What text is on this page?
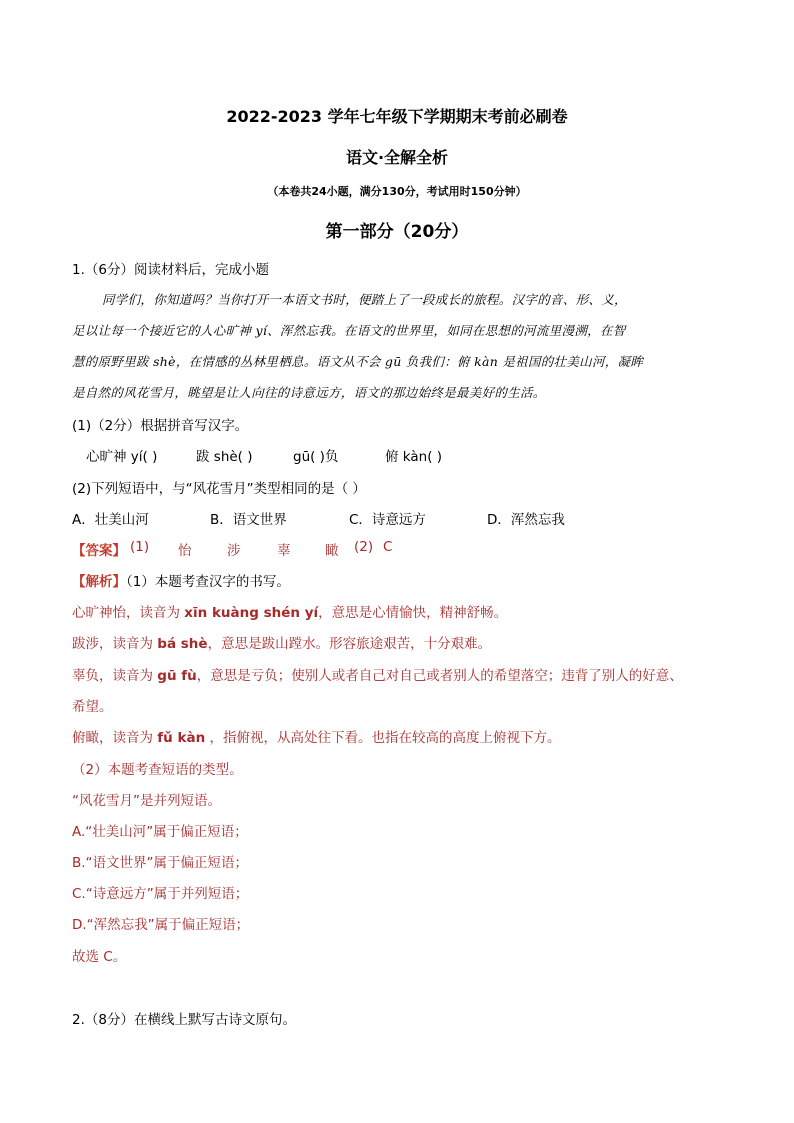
2022-2023 学年七年级下学期期末考前必刷卷
语文·全解全析
（本卷共24小题，满分130分，考试用时150分钟）
第一部分（20分）
1.（6分）阅读材料后，完成小题
同学们，你知道吗？当你打开一本语文书时，便踏上了一段成长的旅程。汉字的音、形、义，
足以让每一个接近它的人心旷神 yí、浑然忘我。在语文的世界里，如同在思想的河流里漫溯，在智
慧的原野里跋 shè，在情感的丛林里栖息。语文从不会 gū 负我们：俯 kàn 是祖国的壮美山河，凝眸
是自然的风花雪月，眺望是让人向往的诗意远方，语文的那边始终是最美好的生活。
(1)（2分）根据拼音写汉字。
心旷神 yí( )	跋 shè( )	gū( )负	俯 kàn( )
(2)下列短语中，与“风花雪月”类型相同的是（ ）
A．壮美山河	B．语文世界	C．诗意远方	D．浑然忘我
【答案】 (1) 怡	涉	辜	瞰 (2) C
【解析】（1）本题考查汉字的书写。
心旷神怡，读音为 xīn kuàng shén yí，意思是心情愉快，精神舒畅。
跋涉，读音为 bá shè，意思是跋山蹚水。形容旅途艰苦，十分艰难。
辜负，读音为 gū fù，意思是亏负；使别人或者自己对自己或者别人的希望落空；违背了别人的好意、
希望。
俯瞰，读音为 fǔ kàn ，指俯视，从高处往下看。也指在较高的高度上俯视下方。
（2）本题考查短语的类型。
“风花雪月”是并列短语。
A.“壮美山河”属于偏正短语；
B.“语文世界”属于偏正短语；
C.“诗意远方”属于并列短语；
D.“浑然忘我”属于偏正短语；
故选 C。
2.（8分）在横线上默写古诗文原句。
